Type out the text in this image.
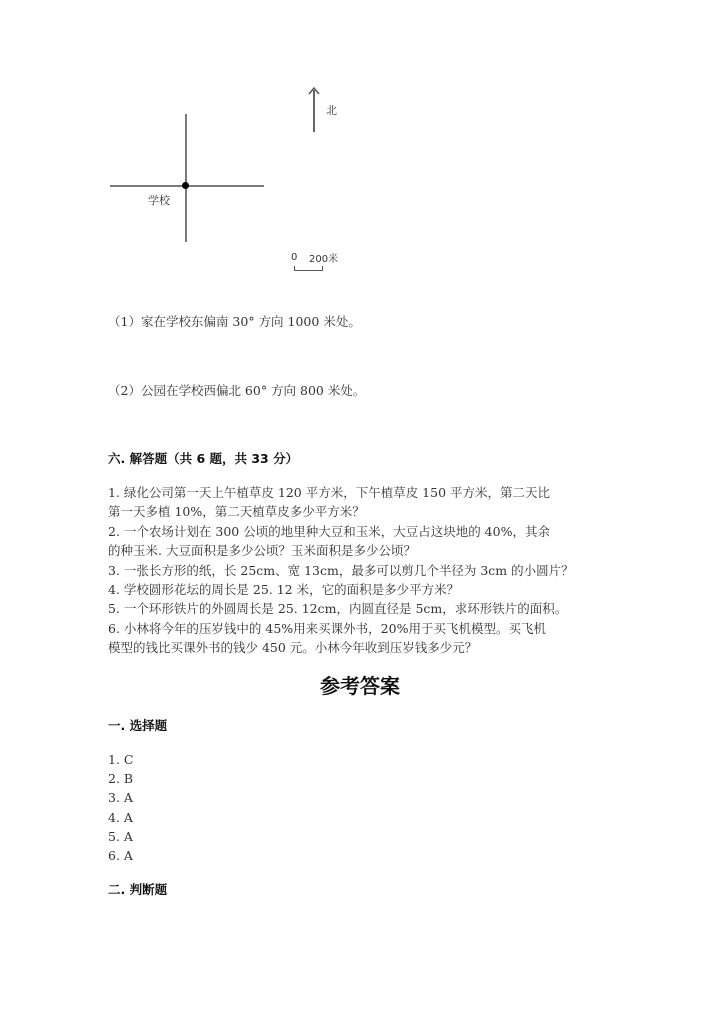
北
学校
0 200米
（1）家在学校东偏南 30° 方向 1000 米处。
（2）公园在学校西偏北 60° 方向 800 米处。
六. 解答题（共 6 题，共 33 分）
1. 绿化公司第一天上午植草皮 120 平方米，下午植草皮 150 平方米，第二天比
第一天多植 10%，第二天植草皮多少平方米？
2. 一个农场计划在 300 公顷的地里种大豆和玉米，大豆占这块地的 40%，其余
的种玉米. 大豆面积是多少公顷？玉米面积是多少公顷？
3. 一张长方形的纸，长 25cm、宽 13cm，最多可以剪几个半径为 3cm 的小圆片？
4. 学校圆形花坛的周长是 25. 12 米，它的面积是多少平方米？
5. 一个环形铁片的外圆周长是 25. 12cm，内圆直径是 5cm，求环形铁片的面积。
6. 小林将今年的压岁钱中的 45%用来买课外书，20%用于买飞机模型。买飞机
模型的钱比买课外书的钱少 450 元。小林今年收到压岁钱多少元？
参考答案
一. 选择题
1. C
2. B
3. A
4. A
5. A
6. A
二. 判断题
